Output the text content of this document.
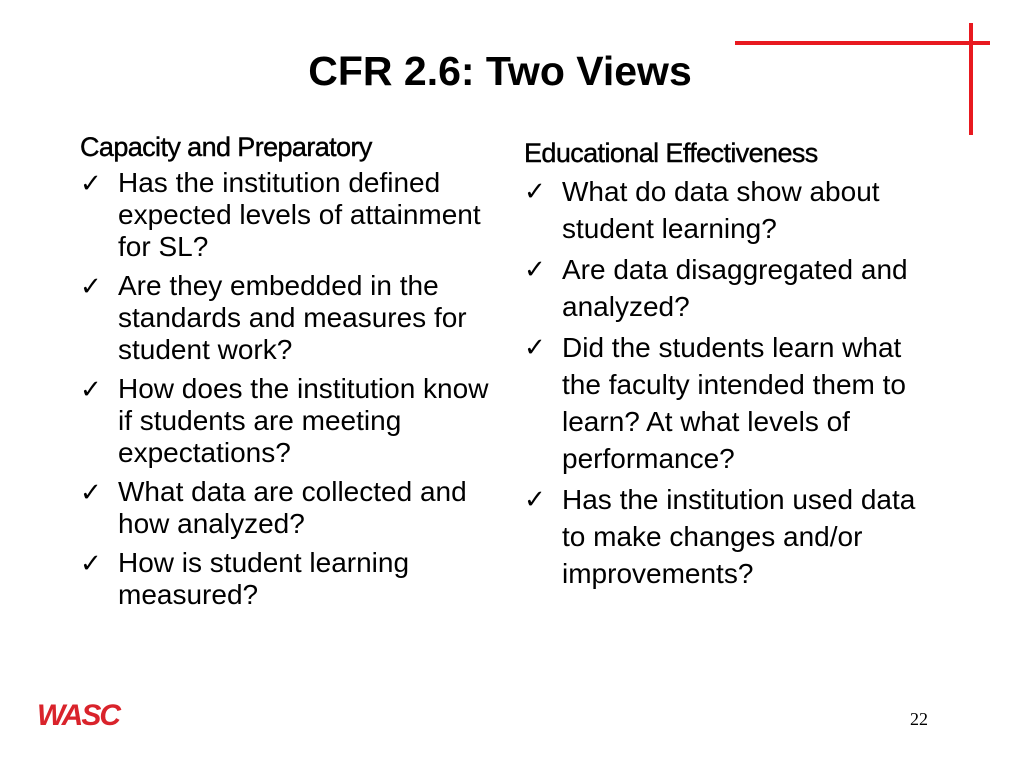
CFR 2.6: Two Views
Capacity and Preparatory
✓ Has the institution defined expected levels of attainment for SL?
✓ Are they embedded in the standards and measures for student work?
✓ How does the institution know if students are meeting expectations?
✓ What data are collected and how analyzed?
✓ How is student learning measured?
Educational Effectiveness
✓ What do data show about student learning?
✓ Are data disaggregated and analyzed?
✓ Did the students learn what the faculty intended them to learn? At what levels of performance?
✓ Has the institution used data to make changes and/or improvements?
WASC	22
